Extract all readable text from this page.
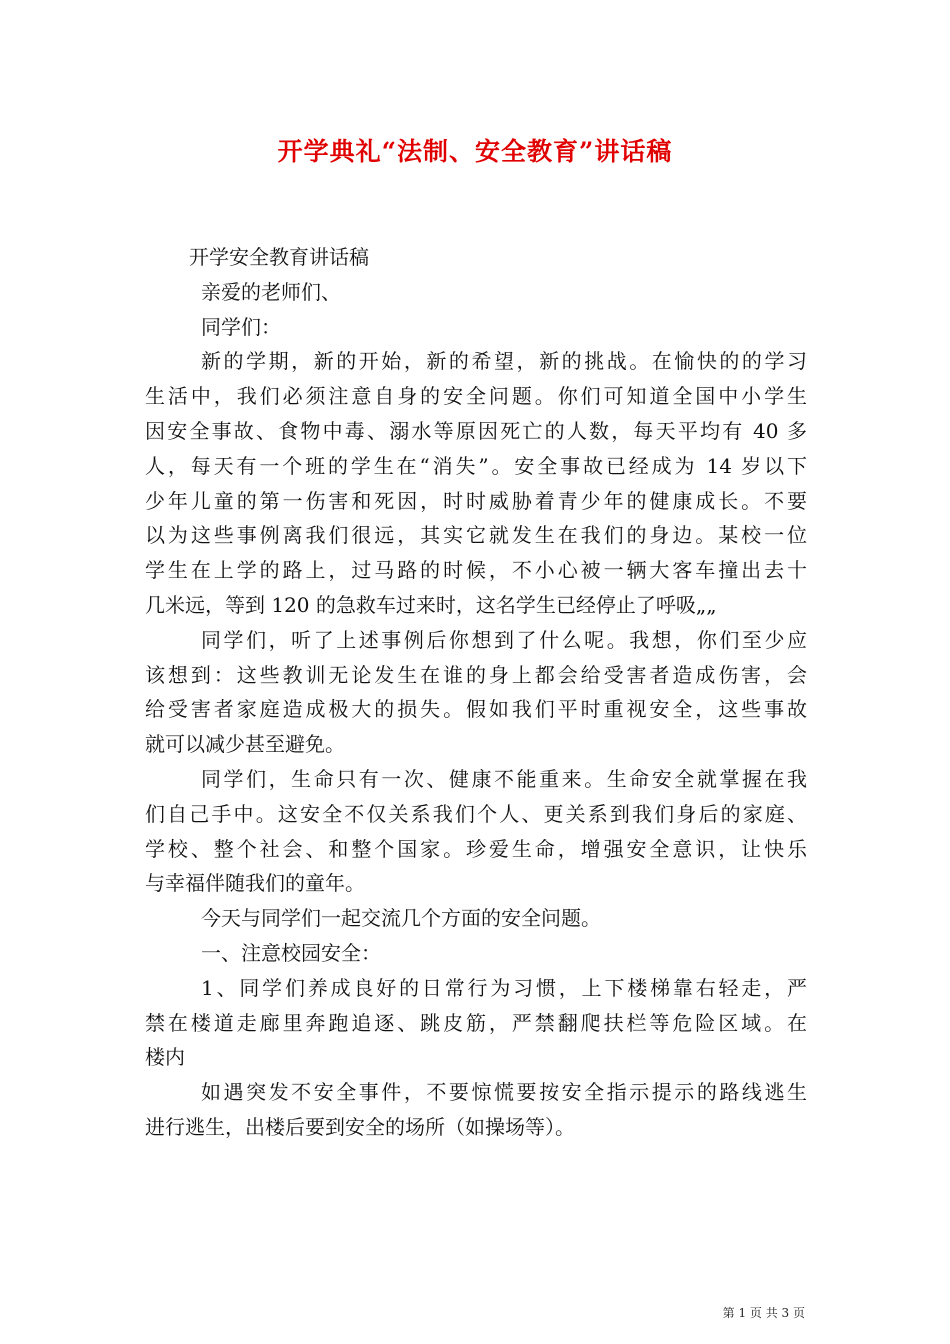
开学典礼“法制、安全教育”讲话稿
开学安全教育讲话稿
亲爱的老师们、
同学们：
新的学期，新的开始，新的希望，新的挑战。在愉快的的学习
生活中，我们必须注意自身的安全问题。你们可知道全国中小学生
因安全事故、食物中毒、溺水等原因死亡的人数，每天平均有 40 多
人，每天有一个班的学生在“消失”。安全事故已经成为 14 岁以下
少年儿童的第一伤害和死因，时时威胁着青少年的健康成长。不要
以为这些事例离我们很远，其实它就发生在我们的身边。某校一位
学生在上学的路上，过马路的时候，不小心被一辆大客车撞出去十
几米远，等到 120 的急救车过来时，这名学生已经停止了呼吸„„
同学们，听了上述事例后你想到了什么呢。我想，你们至少应
该想到：这些教训无论发生在谁的身上都会给受害者造成伤害，会
给受害者家庭造成极大的损失。假如我们平时重视安全，这些事故
就可以减少甚至避免。
同学们，生命只有一次、健康不能重来。生命安全就掌握在我
们自己手中。这安全不仅关系我们个人、更关系到我们身后的家庭、
学校、整个社会、和整个国家。珍爱生命，增强安全意识，让快乐
与幸福伴随我们的童年。
今天与同学们一起交流几个方面的安全问题。
一、注意校园安全：
1、同学们养成良好的日常行为习惯，上下楼梯靠右轻走，严
禁在楼道走廊里奔跑追逐、跳皮筋，严禁翻爬扶栏等危险区域。在
楼内
如遇突发不安全事件，不要惊慌要按安全指示提示的路线逃生
进行逃生，出楼后要到安全的场所（如操场等）。
第 1 页 共 3 页
